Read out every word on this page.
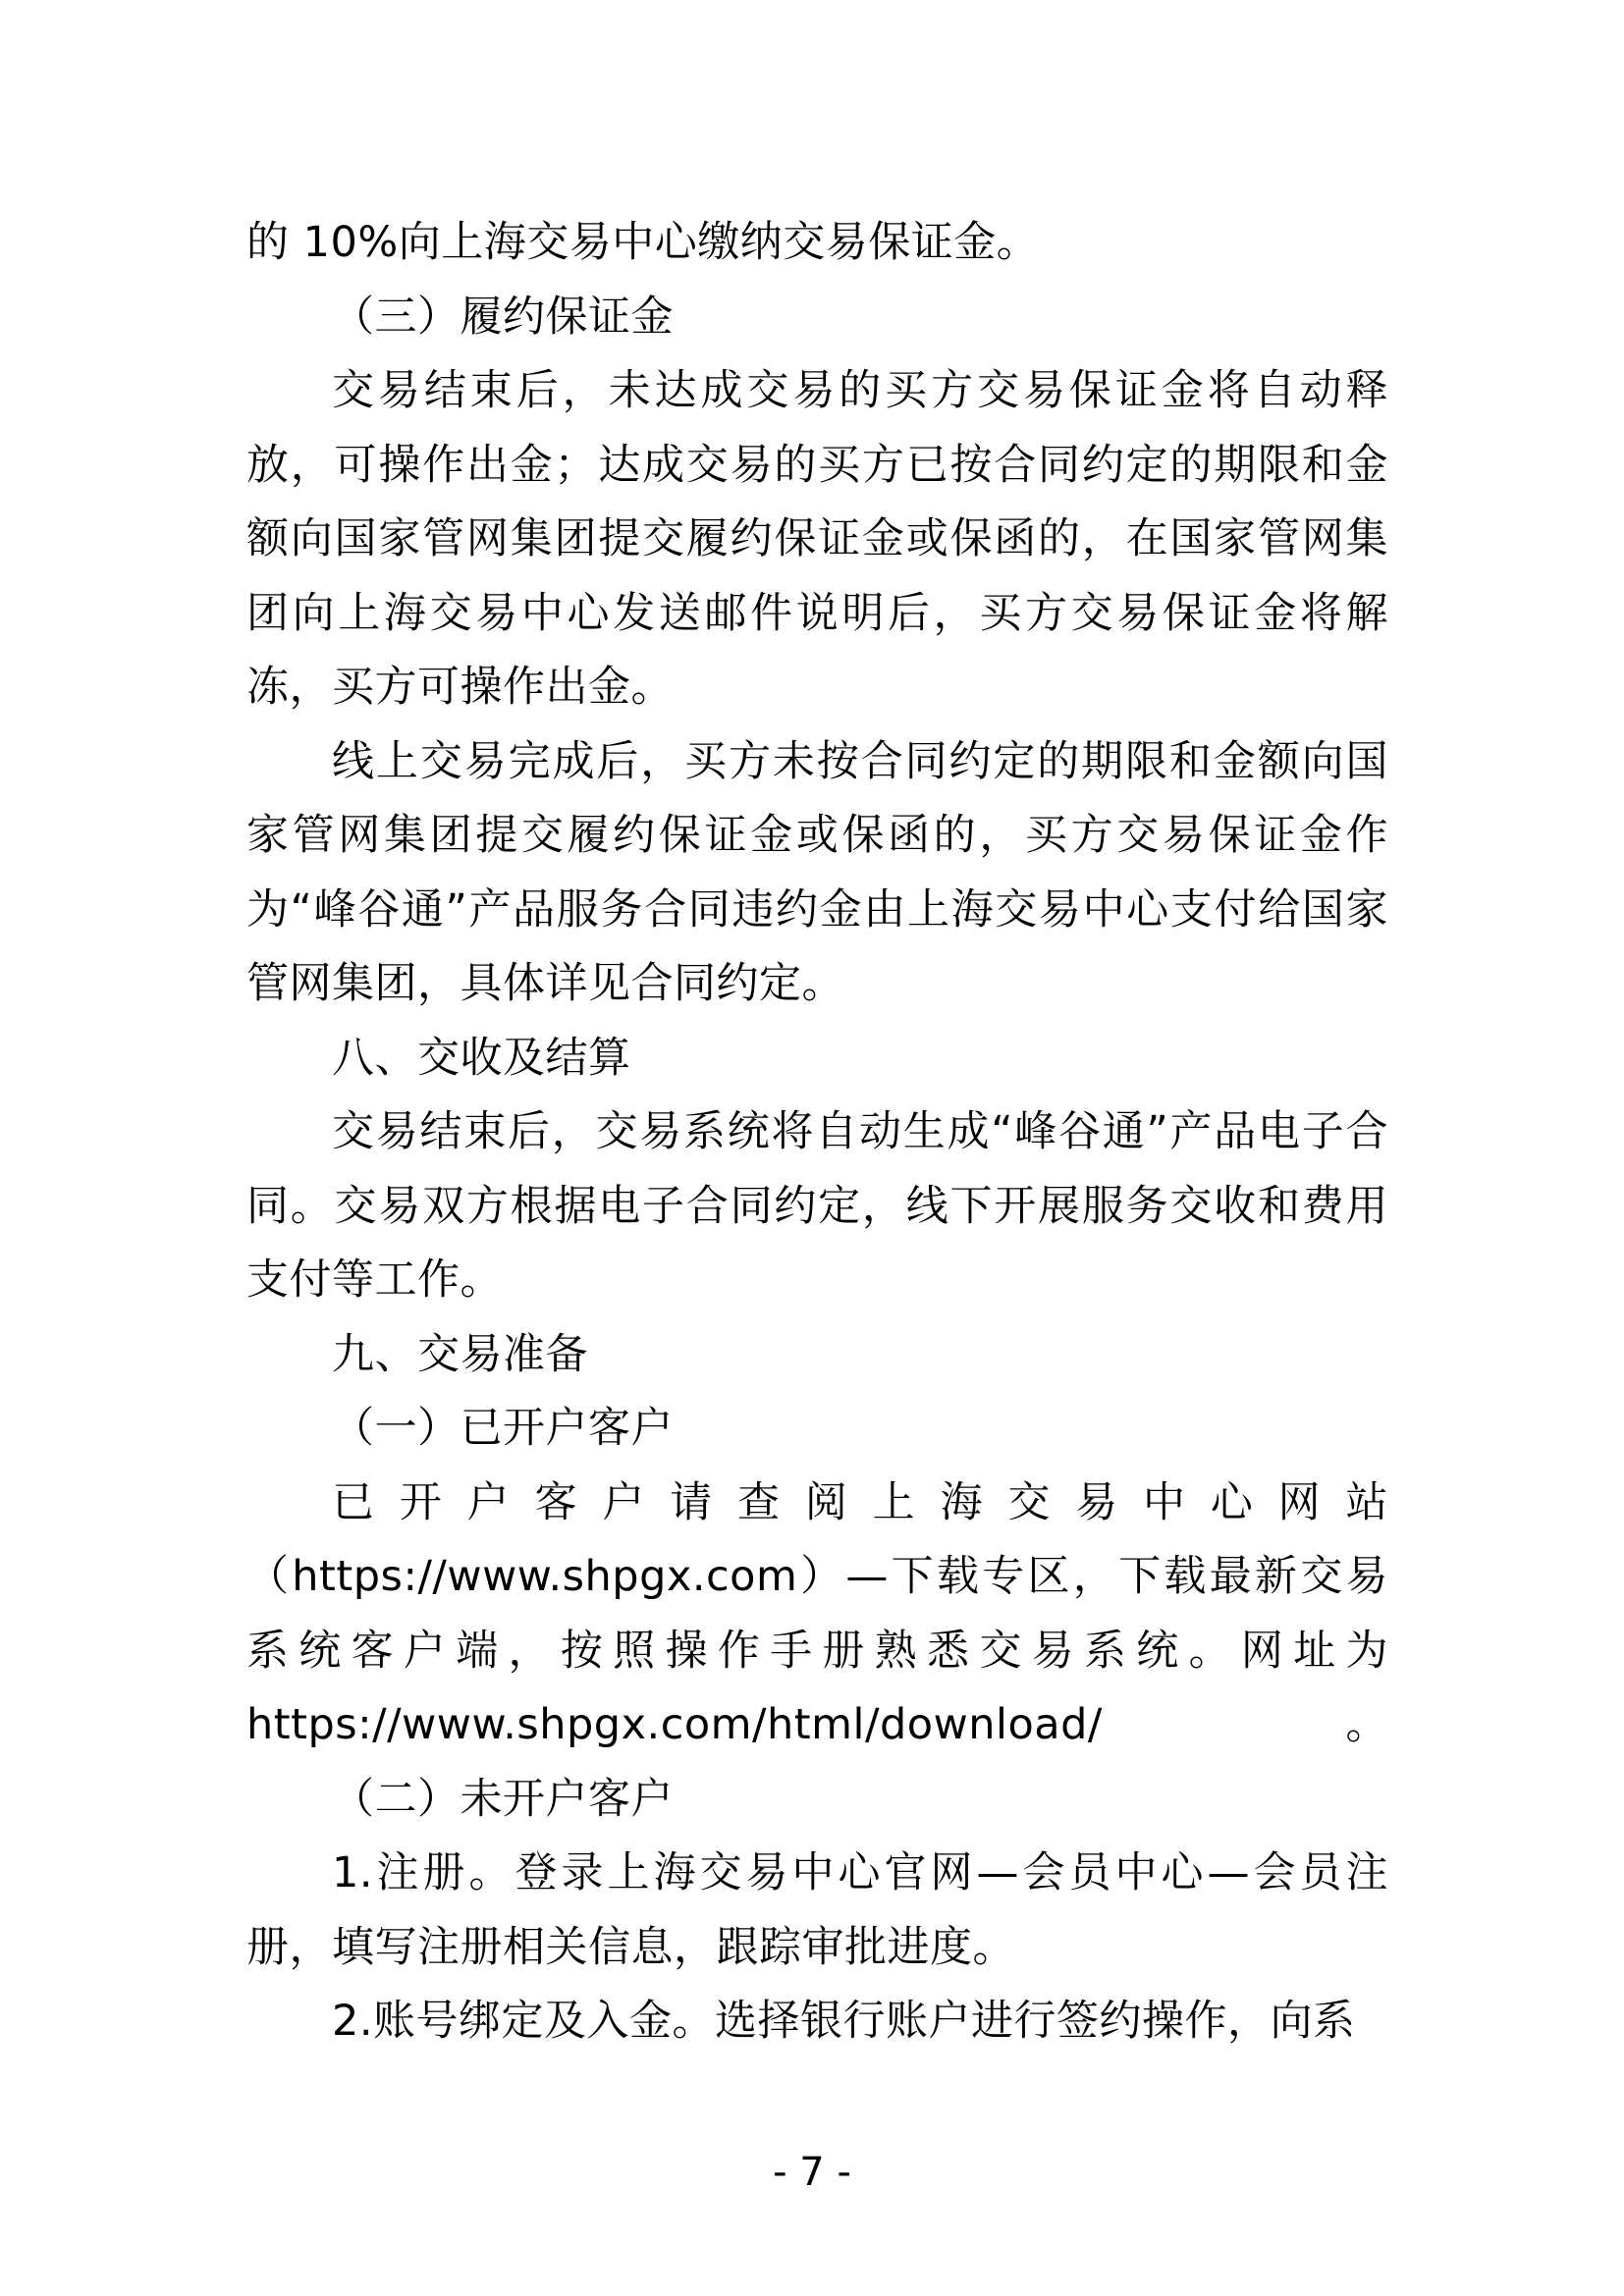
的 10%向上海交易中心缴纳交易保证金。

（三）履约保证金

交易结束后，未达成交易的买方交易保证金将自动释放，可操作出金；达成交易的买方已按合同约定的期限和金额向国家管网集团提交履约保证金或保函的，在国家管网集团向上海交易中心发送邮件说明后，买方交易保证金将解冻，买方可操作出金。

线上交易完成后，买方未按合同约定的期限和金额向国家管网集团提交履约保证金或保函的，买方交易保证金作为“峰谷通”产品服务合同违约金由上海交易中心支付给国家管网集团，具体详见合同约定。

八、交收及结算

交易结束后，交易系统将自动生成“峰谷通”产品电子合同。交易双方根据电子合同约定，线下开展服务交收和费用支付等工作。

九、交易准备

（一）已开户客户

已开户客户请查阅上海交易中心网站（https://www.shpgx.com）—下载专区，下载最新交易系统客户端，按照操作手册熟悉交易系统。网址为https://www.shpgx.com/html/download/。

（二）未开户客户

1.注册。登录上海交易中心官网—会员中心—会员注册，填写注册相关信息，跟踪审批进度。

2.账号绑定及入金。选择银行账户进行签约操作，向系

- 7 -
